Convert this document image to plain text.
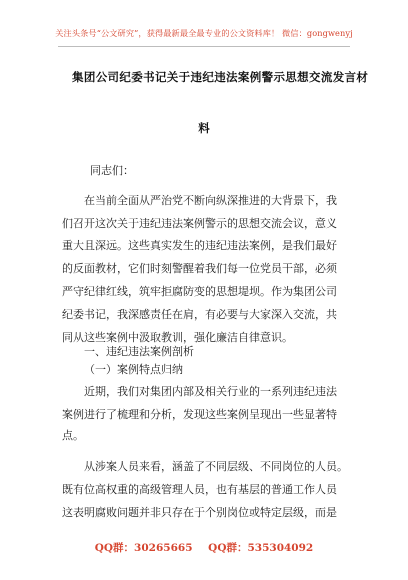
关注头条号“公文研究”，获得最新最全最专业的公文资料库！ 微信：gongwenyj
集团公司纪委书记关于违纪违法案例警示思想交流发言材
料
同志们：
在当前全面从严治党不断向纵深推进的大背景下，我
们召开这次关于违纪违法案例警示的思想交流会议，意义
重大且深远。这些真实发生的违纪违法案例，是我们最好
的反面教材，它们时刻警醒着我们每一位党员干部，必须
严守纪律红线，筑牢拒腐防变的思想堤坝。作为集团公司
纪委书记，我深感责任在肩，有必要与大家深入交流，共
同从这些案例中汲取教训，强化廉洁自律意识。
一、违纪违法案例剖析
（一）案例特点归纳
近期，我们对集团内部及相关行业的一系列违纪违法
案例进行了梳理和分析，发现这些案例呈现出一些显著特
点。
从涉案人员来看，涵盖了不同层级、不同岗位的人员。
既有位高权重的高级管理人员，也有基层的普通工作人员
这表明腐败问题并非只存在于个别岗位或特定层级，而是
QQ群：30265665 QQ群：535304092
